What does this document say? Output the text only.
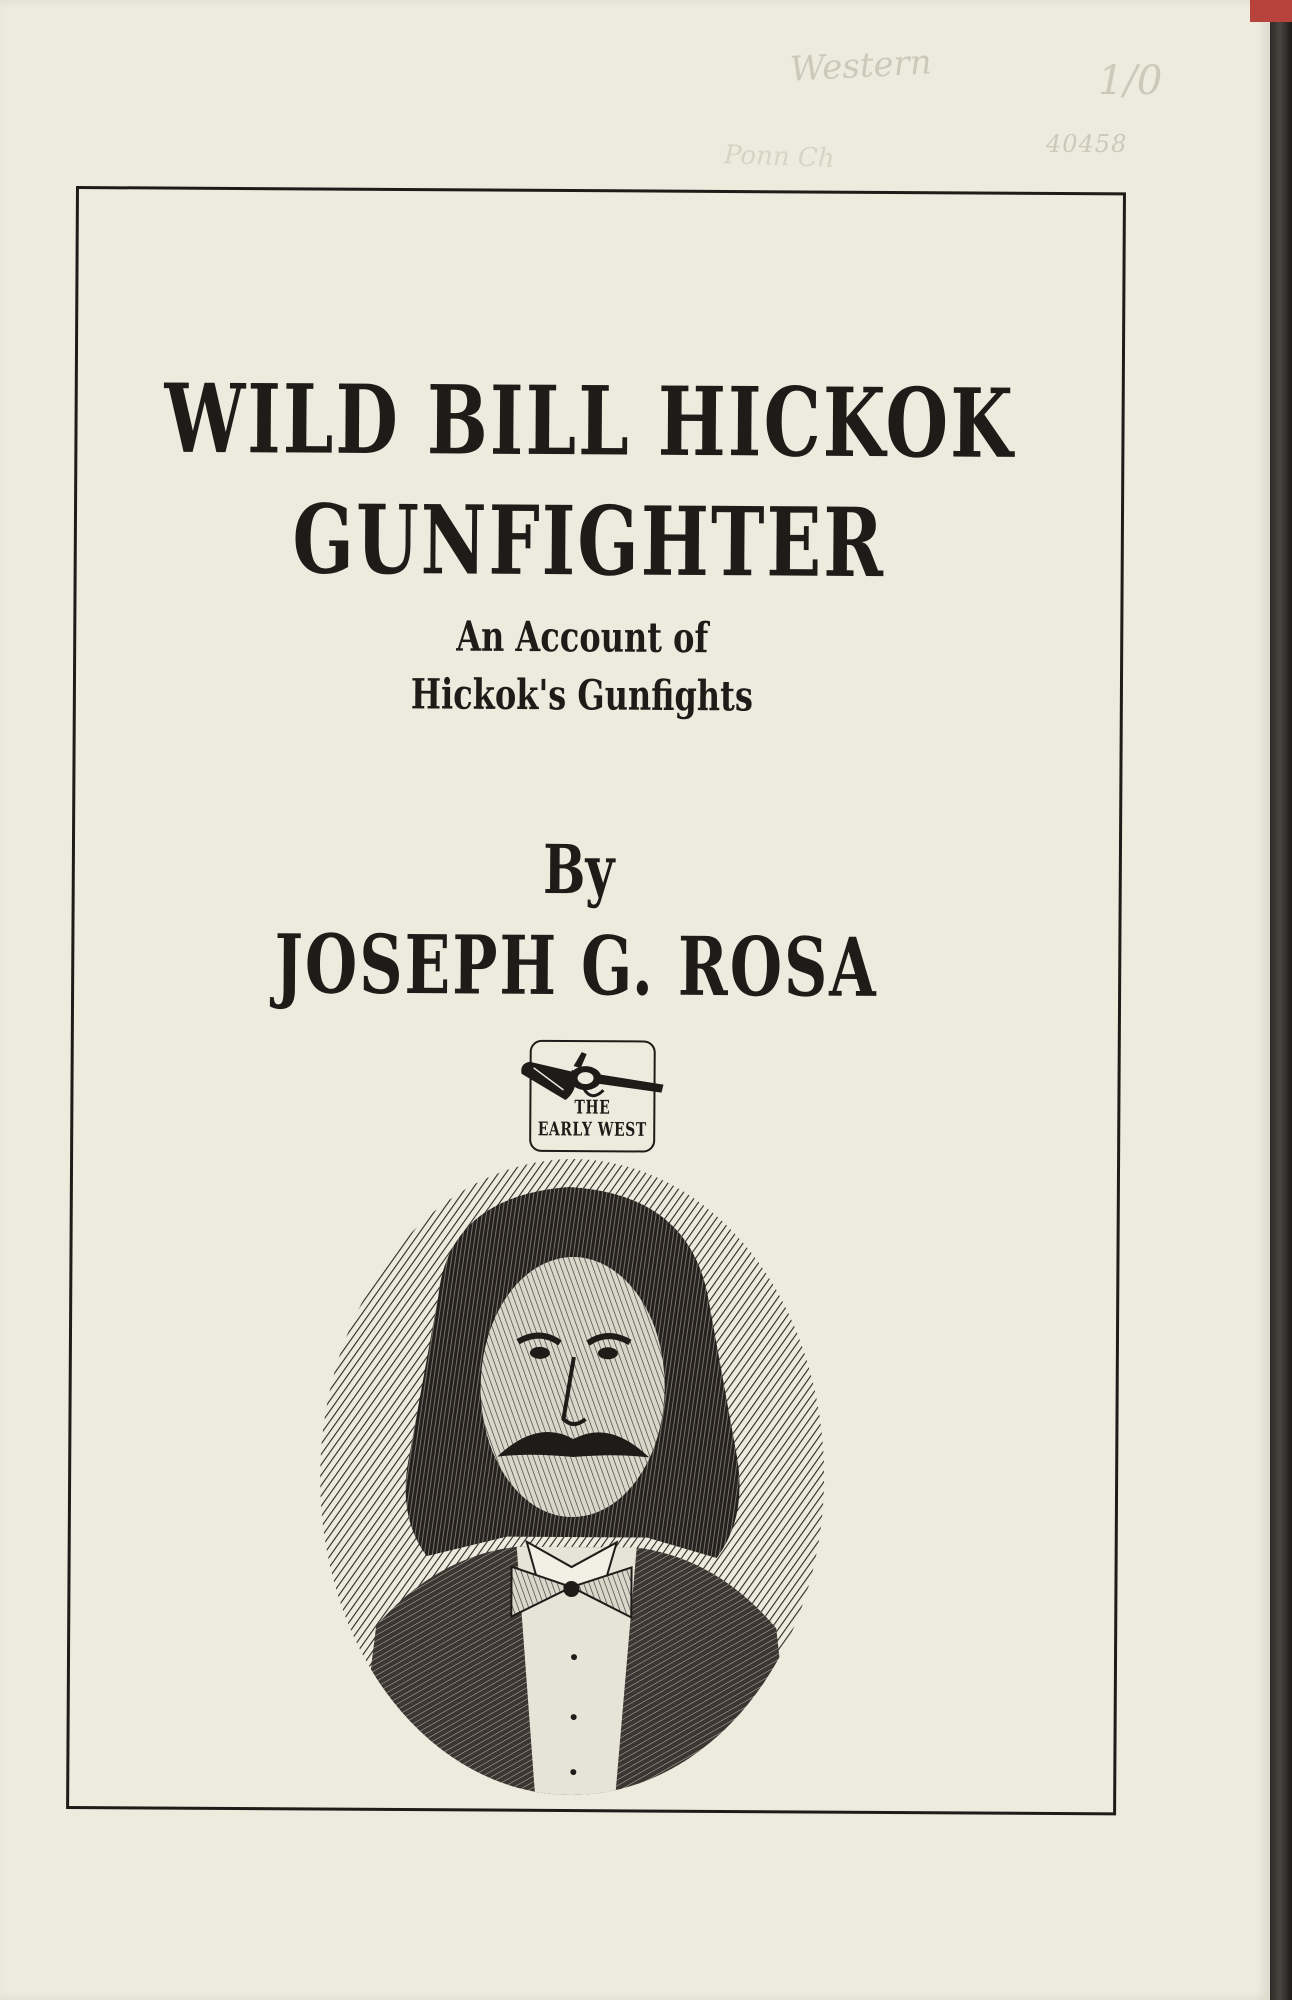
Western	1/0
40458
Ponn Ch
WILD BILL HICKOK
GUNFIGHTER
An Account of
Hickok's Gunfights
By
JOSEPH G. ROSA
THE
EARLY WEST
